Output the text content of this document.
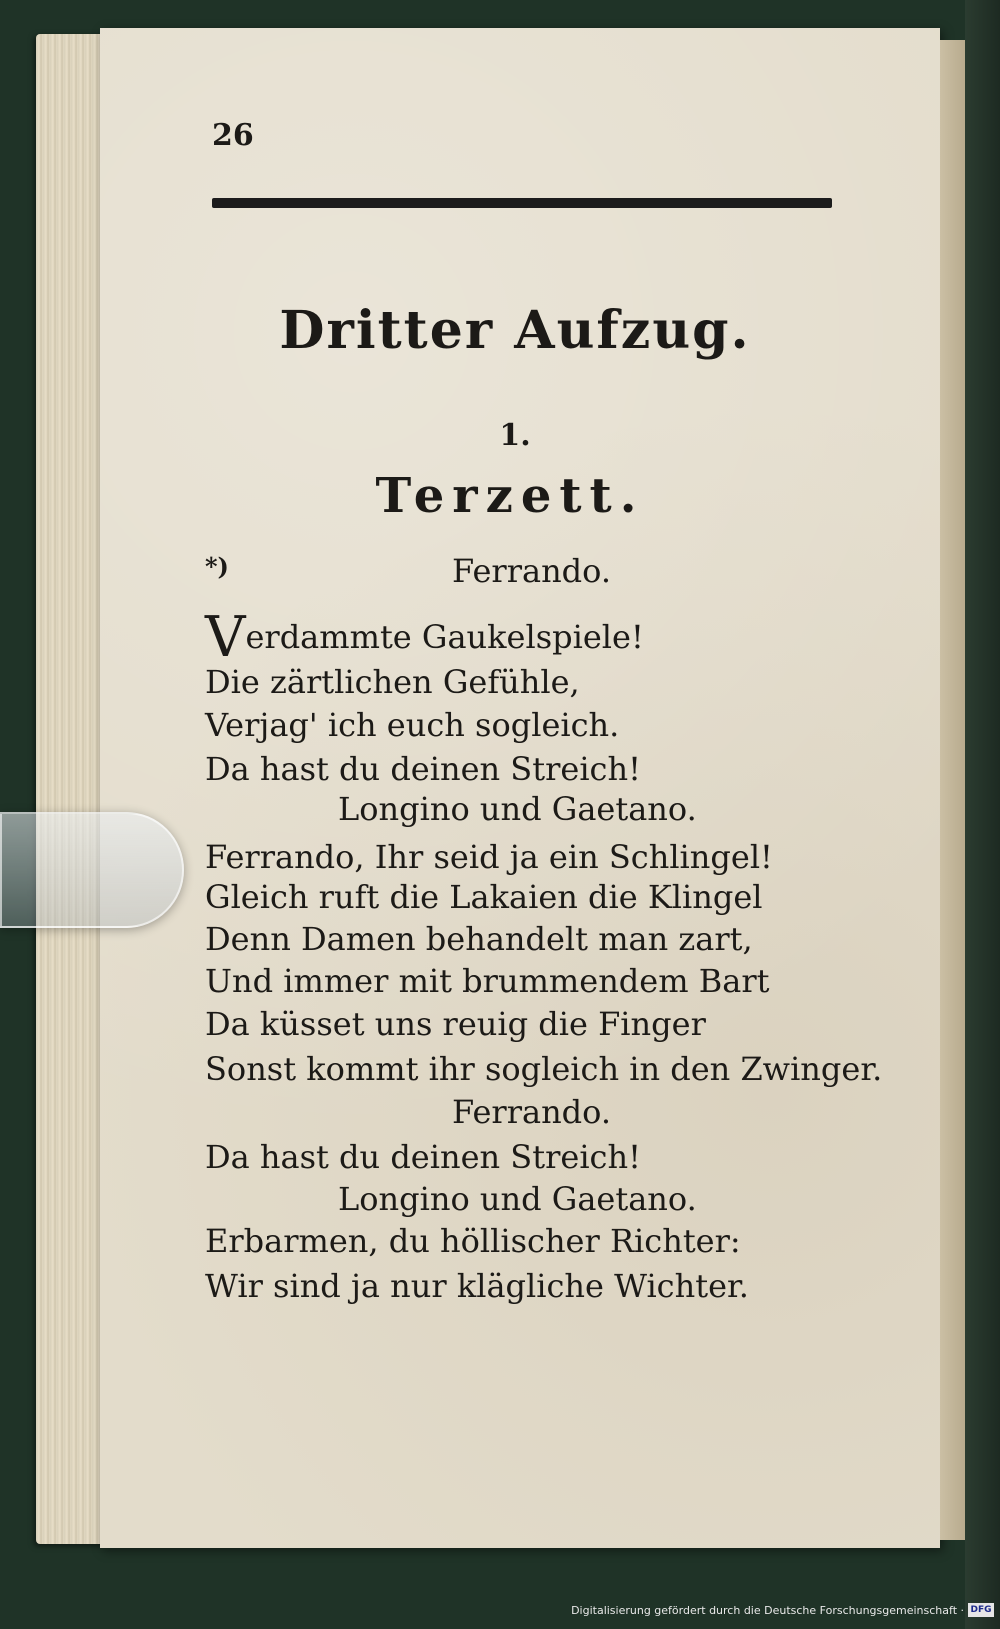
26
Dritter Aufzug.
1.
Terzett.
*)	Ferrando.
Verdammte Gaukelspiele!
Die zärtlichen Gefühle,
Verjag' ich euch sogleich.
Da hast du deinen Streich!
Longino und Gaetano.
Ferrando, Ihr seid ja ein Schlingel!
Gleich ruft die Lakaien die Klingel
Denn Damen behandelt man zart,
Und immer mit brummendem Bart
Da küsset uns reuig die Finger
Sonst kommt ihr sogleich in den Zwinger.
Ferrando.
Da hast du deinen Streich!
Longino und Gaetano.
Erbarmen, du höllischer Richter:
Wir sind ja nur klägliche Wichter.
Digitalisierung gefördert durch die Deutsche Forschungsgemeinschaft · DFG
